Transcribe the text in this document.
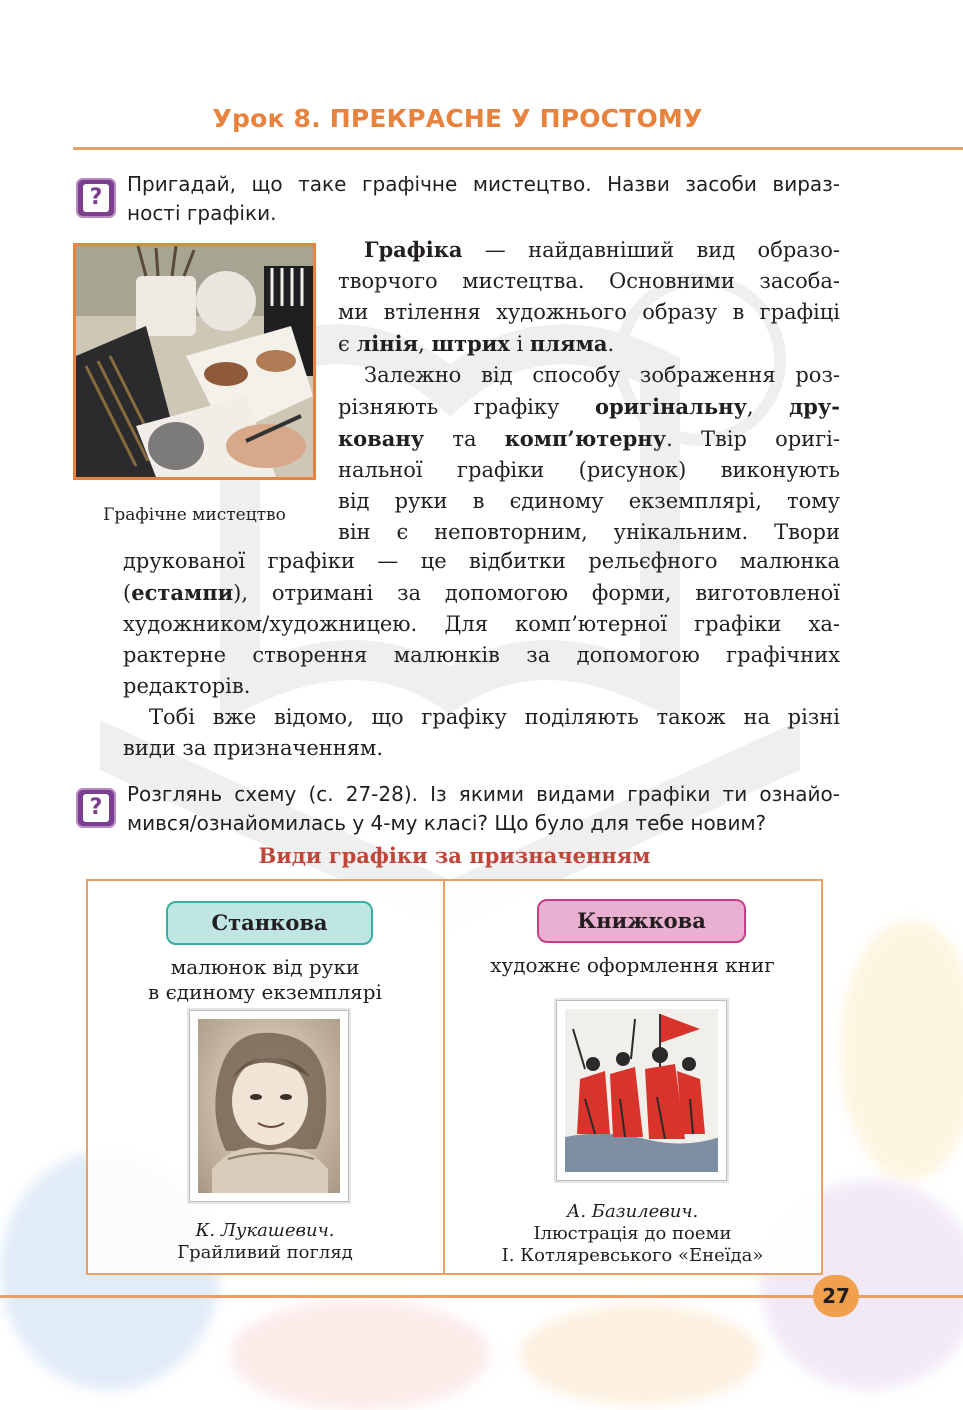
Урок 8. ПРЕКРАСНЕ У ПРОСТОМУ
?
Пригадай, що таке графічне мистецтво. Назви засоби вираз-
ності графіки.
Графічне мистецтво
Графіка — найдавніший вид образо-
творчого мистецтва. Основними засоба-
ми втілення художнього образу в графіці
є лінія, штрих і пляма.
Залежно від способу зображення роз-
різняють графіку оригінальну, дру-
ковану та комп’ютерну. Твір оригі-
нальної графіки (рисунок) виконують
від руки в єдиному екземплярі, тому
він є неповторним, унікальним. Твори
друкованої графіки — це відбитки рельєфного малюнка
(естампи), отримані за допомогою форми, виготовленої
художником/художницею. Для комп’ютерної графіки ха-
рактерне створення малюнків за допомогою графічних
редакторів.
Тобі вже відомо, що графіку поділяють також на різні
види за призначенням.
?
Розглянь схему (с. 27-28). Із якими видами графіки ти ознайо-
мився/ознайомилась у 4-му класі? Що було для тебе новим?
Види графіки за призначенням
Станкова	Книжкова
малюнок від руки
в єдиному екземплярі
художнє оформлення книг
К. Лукашевич.
Грайливий погляд
А. Базилевич.
Ілюстрація до поеми
І. Котляревського «Енеїда»
27
